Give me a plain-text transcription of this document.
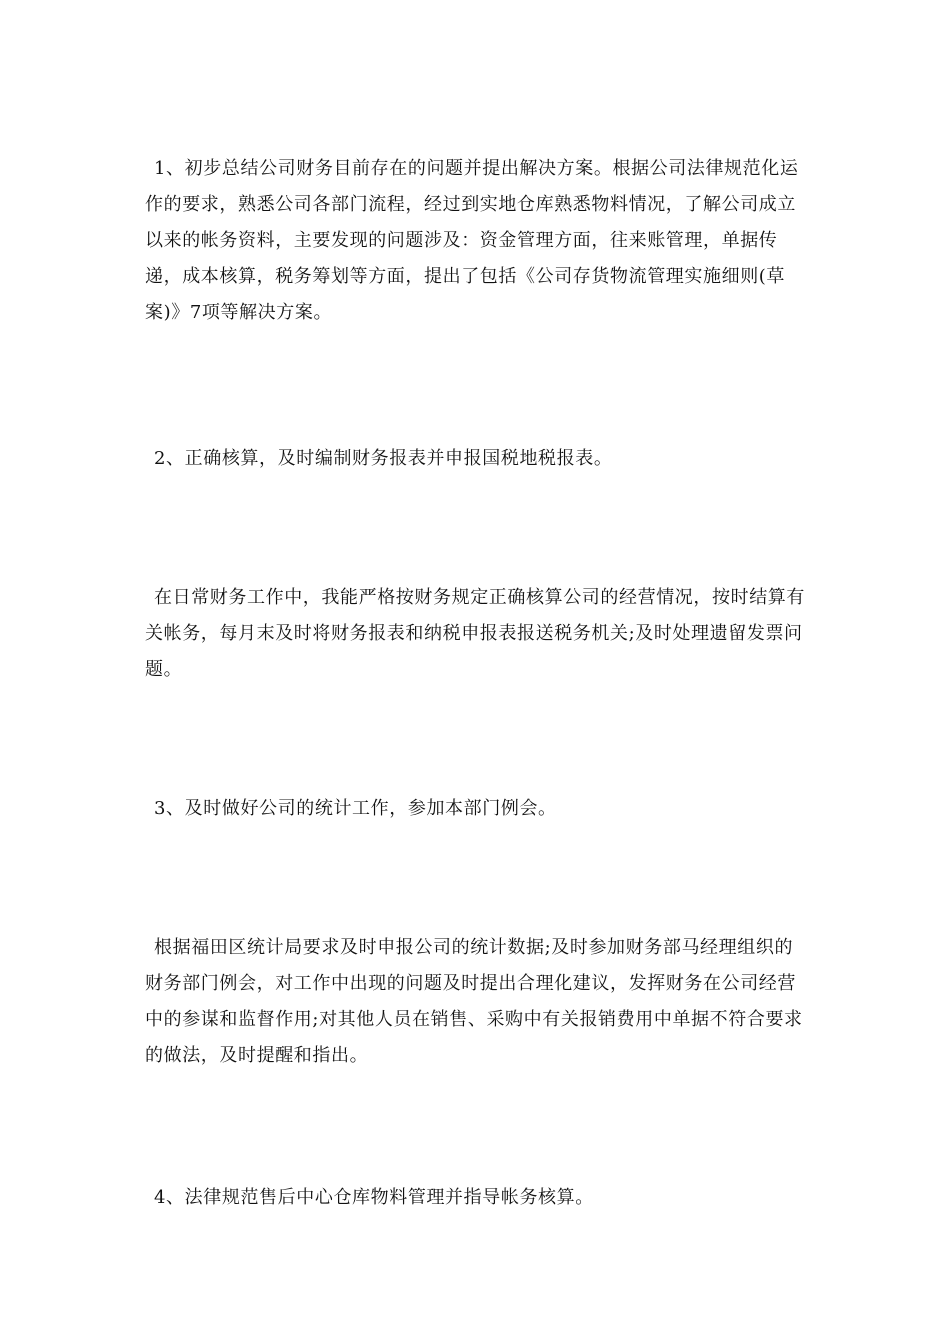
1、初步总结公司财务目前存在的问题并提出解决方案。根据公司法律规范化运作的要求，熟悉公司各部门流程，经过到实地仓库熟悉物料情况，了解公司成立以来的帐务资料，主要发现的问题涉及：资金管理方面，往来账管理，单据传递，成本核算，税务筹划等方面，提出了包括《公司存货物流管理实施细则(草案)》7项等解决方案。

2、正确核算，及时编制财务报表并申报国税地税报表。

在日常财务工作中，我能严格按财务规定正确核算公司的经营情况，按时结算有关帐务，每月末及时将财务报表和纳税申报表报送税务机关;及时处理遗留发票问题。

3、及时做好公司的统计工作，参加本部门例会。

根据福田区统计局要求及时申报公司的统计数据;及时参加财务部马经理组织的财务部门例会，对工作中出现的问题及时提出合理化建议，发挥财务在公司经营中的参谋和监督作用;对其他人员在销售、采购中有关报销费用中单据不符合要求的做法，及时提醒和指出。

4、法律规范售后中心仓库物料管理并指导帐务核算。
